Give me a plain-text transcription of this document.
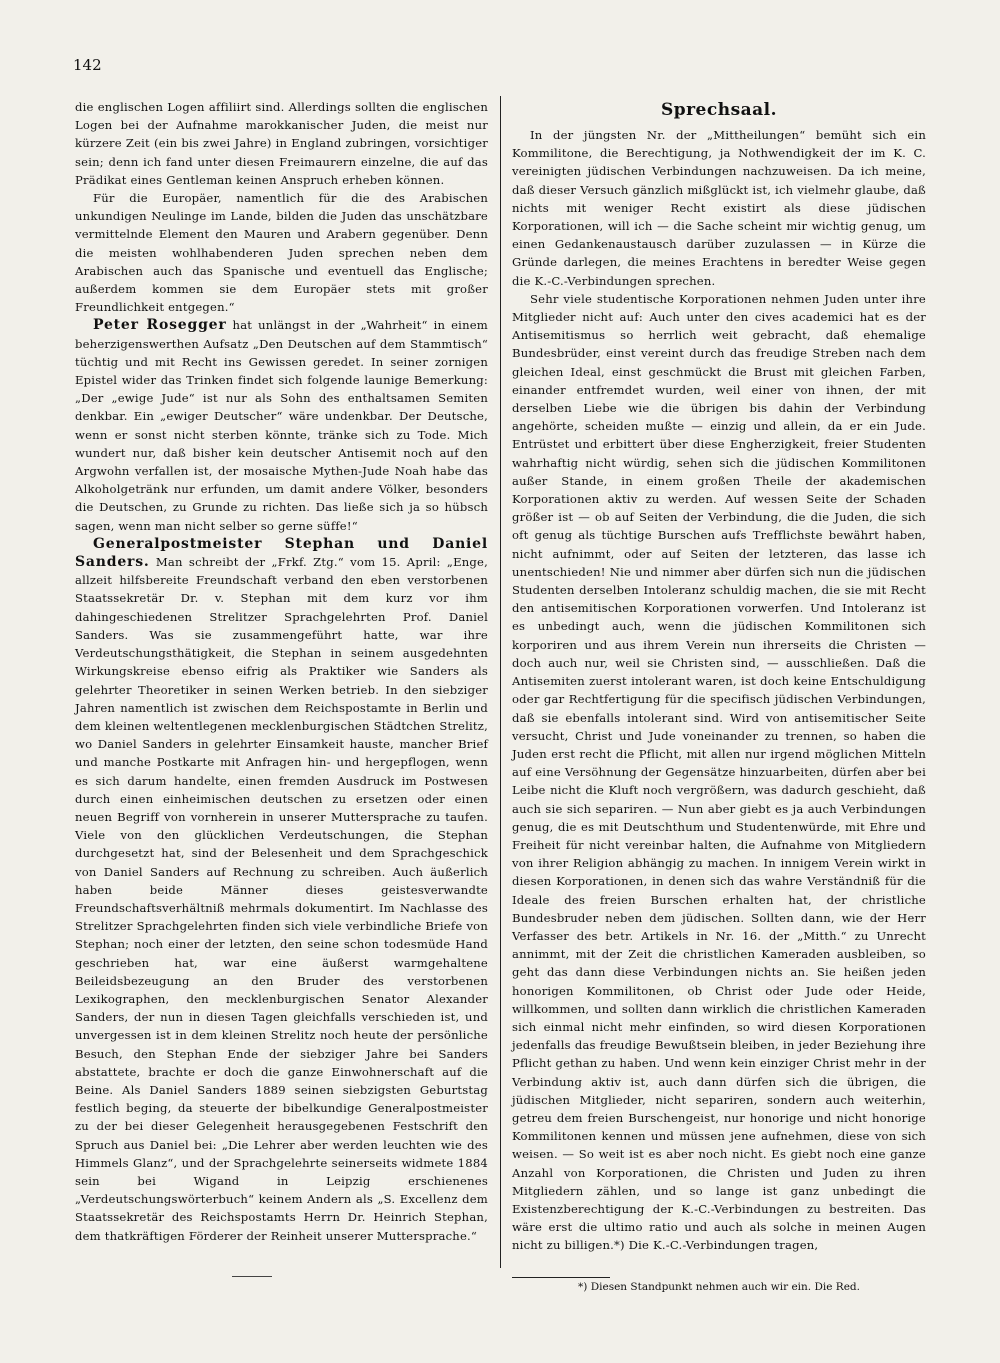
142

die englischen Logen affiliirt sind. Allerdings sollten die englischen Logen bei der Aufnahme marokkanischer Juden, die meist nur kürzere Zeit (ein bis zwei Jahre) in England zubringen, vorsichtiger sein; denn ich fand unter diesen Freimaurern einzelne, die auf das Prädikat eines Gentleman keinen Anspruch erheben können.

Für die Europäer, namentlich für die des Arabischen unkundigen Neulinge im Lande, bilden die Juden das unschätzbare vermittelnde Element den Mauren und Arabern gegenüber. Denn die meisten wohlhabenderen Juden sprechen neben dem Arabischen auch das Spanische und eventuell das Englische; außerdem kommen sie dem Europäer stets mit großer Freundlichkeit entgegen.“

Peter Rosegger hat unlängst in der „Wahrheit“ in einem beherzigenswerthen Aufsatz „Den Deutschen auf dem Stammtisch“ tüchtig und mit Recht ins Gewissen geredet. In seiner zornigen Epistel wider das Trinken findet sich folgende launige Bemerkung: „Der „ewige Jude“ ist nur als Sohn des enthaltsamen Semiten denkbar. Ein „ewiger Deutscher“ wäre undenkbar. Der Deutsche, wenn er sonst nicht sterben könnte, tränke sich zu Tode. Mich wundert nur, daß bisher kein deutscher Antisemit noch auf den Argwohn verfallen ist, der mosaische Mythen-Jude Noah habe das Alkoholgetränk nur erfunden, um damit andere Völker, besonders die Deutschen, zu Grunde zu richten. Das ließe sich ja so hübsch sagen, wenn man nicht selber so gerne süffe!“

Generalpostmeister Stephan und Daniel Sanders. Man schreibt der „Frkf. Ztg.“ vom 15. April: „Enge, allzeit hilfsbereite Freundschaft verband den eben verstorbenen Staatssekretär Dr. v. Stephan mit dem kurz vor ihm dahingeschiedenen Strelitzer Sprachgelehrten Prof. Daniel Sanders. Was sie zusammengeführt hatte, war ihre Verdeutschungsthätigkeit, die Stephan in seinem ausgedehnten Wirkungskreise ebenso eifrig als Praktiker wie Sanders als gelehrter Theoretiker in seinen Werken betrieb. In den siebziger Jahren namentlich ist zwischen dem Reichspostamte in Berlin und dem kleinen weltentlegenen mecklenburgischen Städtchen Strelitz, wo Daniel Sanders in gelehrter Einsamkeit hauste, mancher Brief und manche Postkarte mit Anfragen hin- und hergepflogen, wenn es sich darum handelte, einen fremden Ausdruck im Postwesen durch einen einheimischen deutschen zu ersetzen oder einen neuen Begriff von vornherein in unserer Muttersprache zu taufen. Viele von den glücklichen Verdeutschungen, die Stephan durchgesetzt hat, sind der Belesenheit und dem Sprachgeschick von Daniel Sanders auf Rechnung zu schreiben. Auch äußerlich haben beide Männer dieses geistesverwandte Freundschaftsverhältniß mehrmals dokumentirt. Im Nachlasse des Strelitzer Sprachgelehrten finden sich viele verbindliche Briefe von Stephan; noch einer der letzten, den seine schon todesmüde Hand geschrieben hat, war eine äußerst warmgehaltene Beileidsbezeugung an den Bruder des verstorbenen Lexikographen, den mecklenburgischen Senator Alexander Sanders, der nun in diesen Tagen gleichfalls verschieden ist, und unvergessen ist in dem kleinen Strelitz noch heute der persönliche Besuch, den Stephan Ende der siebziger Jahre bei Sanders abstattete, brachte er doch die ganze Einwohnerschaft auf die Beine. Als Daniel Sanders 1889 seinen siebzigsten Geburtstag festlich beging, da steuerte der bibelkundige Generalpostmeister zu der bei dieser Gelegenheit herausgegebenen Festschrift den Spruch aus Daniel bei: „Die Lehrer aber werden leuchten wie des Himmels Glanz“, und der Sprachgelehrte seinerseits widmete 1884 sein bei Wigand in Leipzig erschienenes „Verdeutschungswörterbuch“ keinem Andern als „S. Excellenz dem Staatssekretär des Reichspostamts Herrn Dr. Heinrich Stephan, dem thatkräftigen Förderer der Reinheit unserer Muttersprache.“

Sprechsaal.

In der jüngsten Nr. der „Mittheilungen“ bemüht sich ein Kommilitone, die Berechtigung, ja Nothwendigkeit der im K. C. vereinigten jüdischen Verbindungen nachzuweisen. Da ich meine, daß dieser Versuch gänzlich mißglückt ist, ich vielmehr glaube, daß nichts mit weniger Recht existirt als diese jüdischen Korporationen, will ich — die Sache scheint mir wichtig genug, um einen Gedankenaustausch darüber zuzulassen — in Kürze die Gründe darlegen, die meines Erachtens in beredter Weise gegen die K.-C.-Verbindungen sprechen.

Sehr viele studentische Korporationen nehmen Juden unter ihre Mitglieder nicht auf: Auch unter den cives academici hat es der Antisemitismus so herrlich weit gebracht, daß ehemalige Bundesbrüder, einst vereint durch das freudige Streben nach dem gleichen Ideal, einst geschmückt die Brust mit gleichen Farben, einander entfremdet wurden, weil einer von ihnen, der mit derselben Liebe wie die übrigen bis dahin der Verbindung angehörte, scheiden mußte — einzig und allein, da er ein Jude. Entrüstet und erbittert über diese Engherzigkeit, freier Studenten wahrhaftig nicht würdig, sehen sich die jüdischen Kommilitonen außer Stande, in einem großen Theile der akademischen Korporationen aktiv zu werden. Auf wessen Seite der Schaden größer ist — ob auf Seiten der Verbindung, die die Juden, die sich oft genug als tüchtige Burschen aufs Trefflichste bewährt haben, nicht aufnimmt, oder auf Seiten der letzteren, das lasse ich unentschieden! Nie und nimmer aber dürfen sich nun die jüdischen Studenten derselben Intoleranz schuldig machen, die sie mit Recht den antisemitischen Korporationen vorwerfen. Und Intoleranz ist es unbedingt auch, wenn die jüdischen Kommilitonen sich korporiren und aus ihrem Verein nun ihrerseits die Christen — doch auch nur, weil sie Christen sind, — ausschließen. Daß die Antisemiten zuerst intolerant waren, ist doch keine Entschuldigung oder gar Rechtfertigung für die specifisch jüdischen Verbindungen, daß sie ebenfalls intolerant sind. Wird von antisemitischer Seite versucht, Christ und Jude voneinander zu trennen, so haben die Juden erst recht die Pflicht, mit allen nur irgend möglichen Mitteln auf eine Versöhnung der Gegensätze hinzuarbeiten, dürfen aber bei Leibe nicht die Kluft noch vergrößern, was dadurch geschieht, daß auch sie sich separiren. — Nun aber giebt es ja auch Verbindungen genug, die es mit Deutschthum und Studentenwürde, mit Ehre und Freiheit für nicht vereinbar halten, die Aufnahme von Mitgliedern von ihrer Religion abhängig zu machen. In innigem Verein wirkt in diesen Korporationen, in denen sich das wahre Verständniß für die Ideale des freien Burschen erhalten hat, der christliche Bundesbruder neben dem jüdischen. Sollten dann, wie der Herr Verfasser des betr. Artikels in Nr. 16. der „Mitth.“ zu Unrecht annimmt, mit der Zeit die christlichen Kameraden ausbleiben, so geht das dann diese Verbindungen nichts an. Sie heißen jeden honorigen Kommilitonen, ob Christ oder Jude oder Heide, willkommen, und sollten dann wirklich die christlichen Kameraden sich einmal nicht mehr einfinden, so wird diesen Korporationen jedenfalls das freudige Bewußtsein bleiben, in jeder Beziehung ihre Pflicht gethan zu haben. Und wenn kein einziger Christ mehr in der Verbindung aktiv ist, auch dann dürfen sich die übrigen, die jüdischen Mitglieder, nicht separiren, sondern auch weiterhin, getreu dem freien Burschengeist, nur honorige und nicht honorige Kommilitonen kennen und müssen jene aufnehmen, diese von sich weisen. — So weit ist es aber noch nicht. Es giebt noch eine ganze Anzahl von Korporationen, die Christen und Juden zu ihren Mitgliedern zählen, und so lange ist ganz unbedingt die Existenzberechtigung der K.-C.-Verbindungen zu bestreiten. Das wäre erst die ultimo ratio und auch als solche in meinen Augen nicht zu billigen.*) Die K.-C.-Verbindungen tragen,

*) Diesen Standpunkt nehmen auch wir ein. Die Red.
